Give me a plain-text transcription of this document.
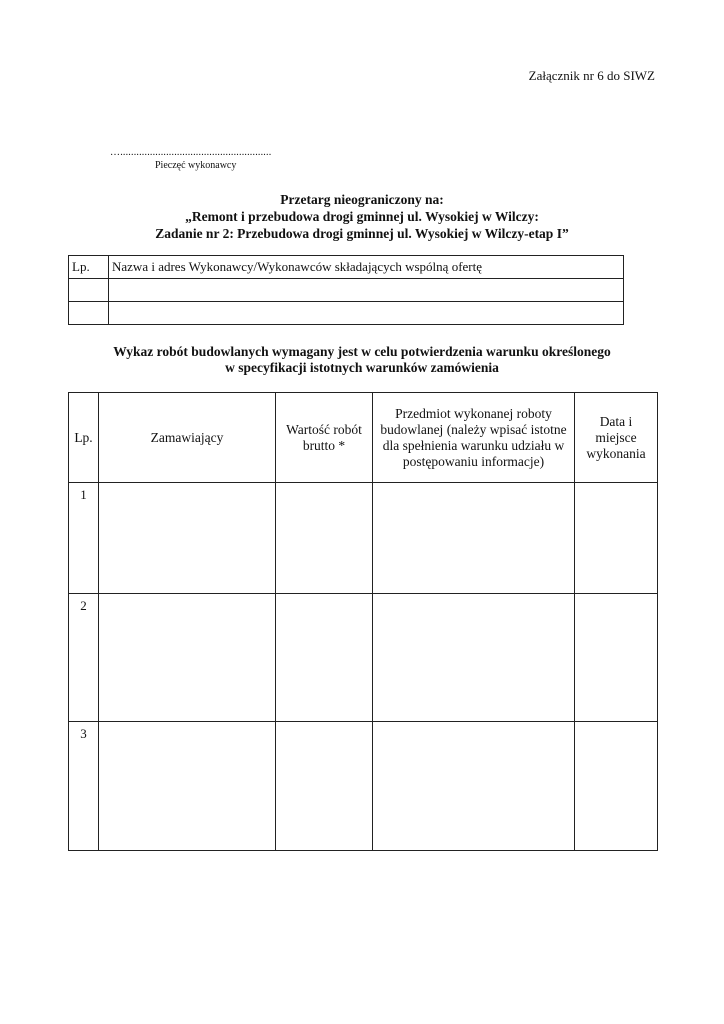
Załącznik nr 6 do SIWZ
…........................................................
Pieczęć wykonawcy
Przetarg nieograniczony na:
„Remont i przebudowa drogi gminnej ul. Wysokiej w Wilczy:
Zadanie nr 2: Przebudowa drogi gminnej ul. Wysokiej w Wilczy-etap I”
Lp.	Nazwa i adres Wykonawcy/Wykonawców składających wspólną ofertę

Wykaz robót budowlanych wymagany jest w celu potwierdzenia warunku określonego
w specyfikacji istotnych warunków zamówienia
Lp.	Zamawiający	Wartość robót brutto *	Przedmiot wykonanej roboty budowlanej (należy wpisać istotne dla spełnienia warunku udziału w postępowaniu informacje)	Data i miejsce wykonania
1				
2				
3				
